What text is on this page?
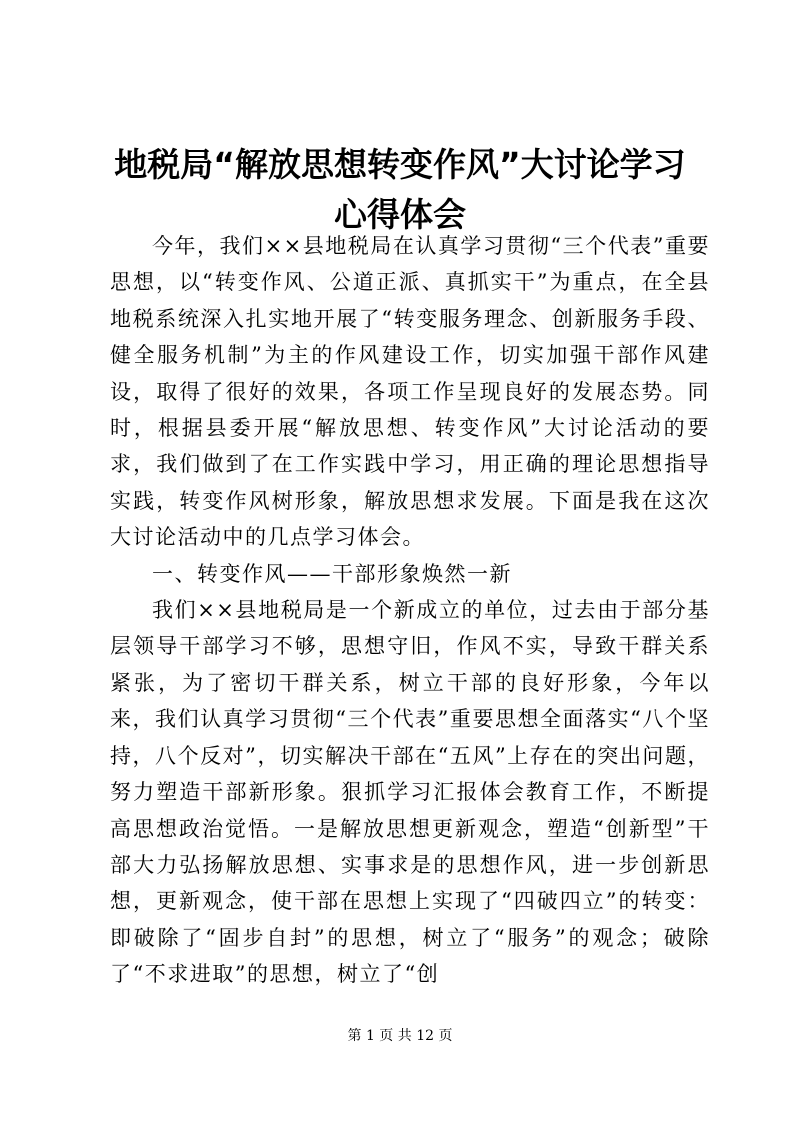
地税局“解放思想转变作风”大讨论学习心得体会

今年，我们××县地税局在认真学习贯彻“三个代表”重要思想，以“转变作风、公道正派、真抓实干”为重点，在全县地税系统深入扎实地开展了“转变服务理念、创新服务手段、健全服务机制”为主的作风建设工作，切实加强干部作风建设，取得了很好的效果，各项工作呈现良好的发展态势。同时，根据县委开展“解放思想、转变作风”大讨论活动的要求，我们做到了在工作实践中学习，用正确的理论思想指导实践，转变作风树形象，解放思想求发展。下面是我在这次大讨论活动中的几点学习体会。

一、转变作风——干部形象焕然一新

我们××县地税局是一个新成立的单位，过去由于部分基层领导干部学习不够，思想守旧，作风不实，导致干群关系紧张，为了密切干群关系，树立干部的良好形象，今年以来，我们认真学习贯彻“三个代表”重要思想全面落实“八个坚持，八个反对”，切实解决干部在“五风”上存在的突出问题，努力塑造干部新形象。狠抓学习汇报体会教育工作，不断提高思想政治觉悟。一是解放思想更新观念，塑造“创新型”干部大力弘扬解放思想、实事求是的思想作风，进一步创新思想，更新观念，使干部在思想上实现了“四破四立”的转变：即破除了“固步自封”的思想，树立了“服务”的观念；破除了“不求进取”的思想，树立了“创

第 1 页 共 12 页
